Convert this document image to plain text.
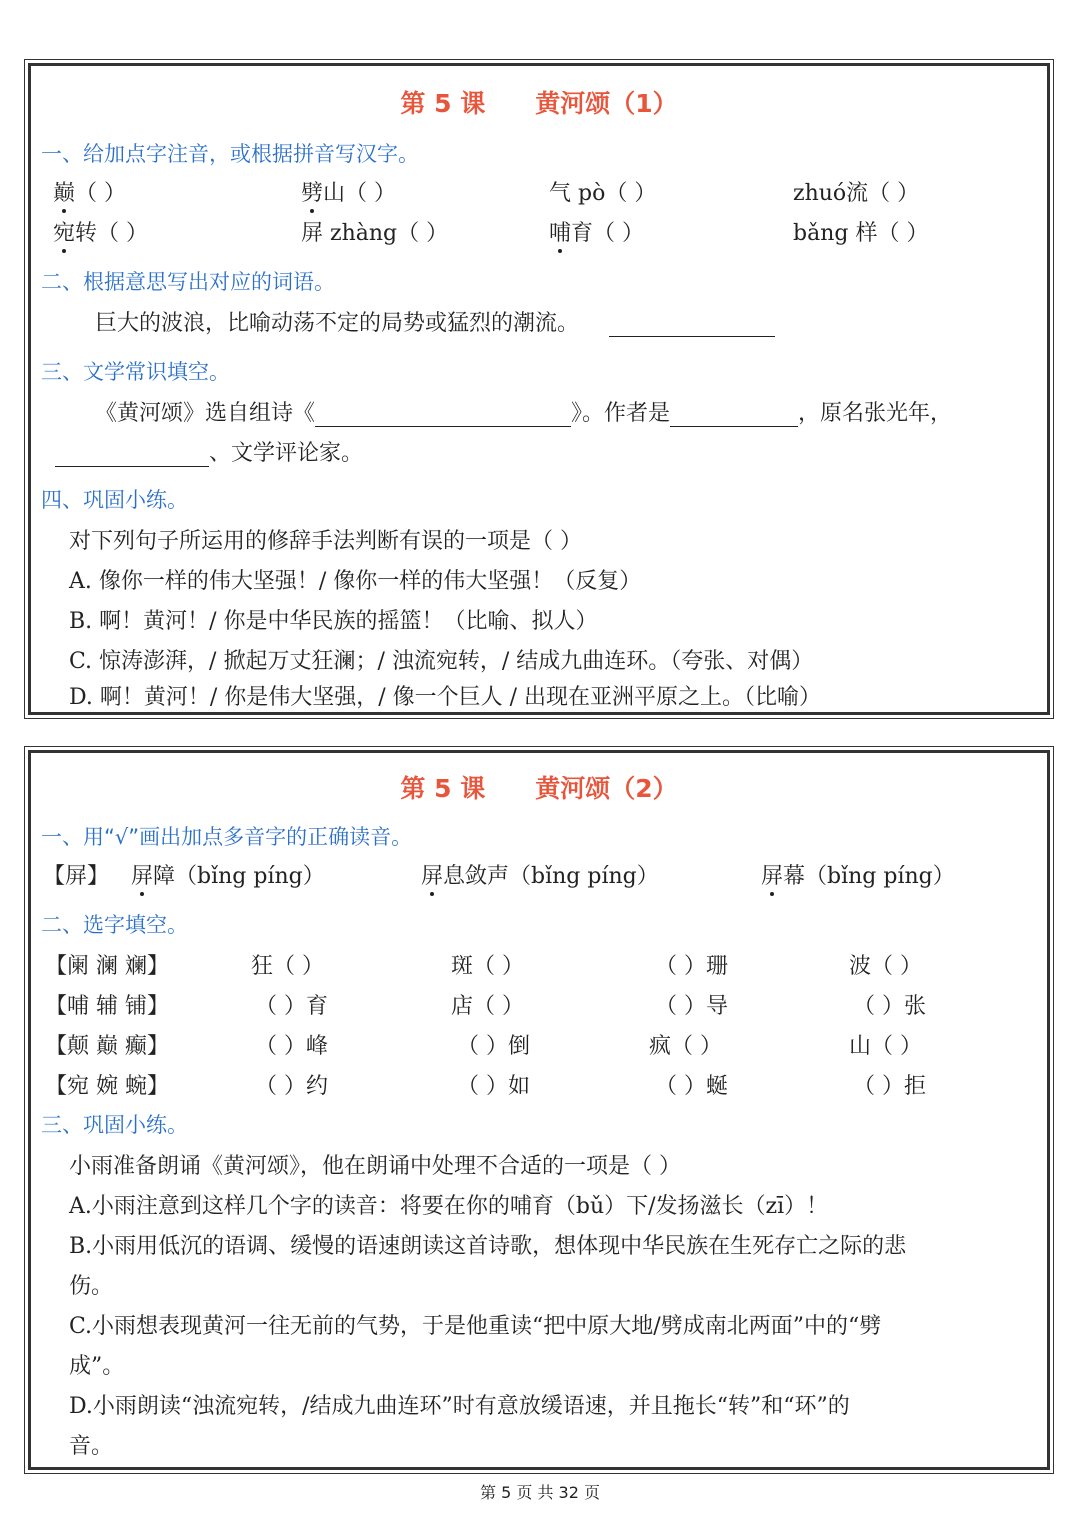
第 5 课 黄河颂（1）
一、给加点字注音，或根据拼音写汉字。
巅（ ）	劈山（ ）	气 pò（ ）	zhuó流（ ）
宛转（ ）	屏 zhàng（ ）	哺育（ ）	bǎng 样（ ）
二、根据意思写出对应的词语。
巨大的波浪，比喻动荡不定的局势或猛烈的潮流。
三、文学常识填空。
《黄河颂》选自组诗《	》。作者是	，原名张光年，
、文学评论家。
四、巩固小练。
对下列句子所运用的修辞手法判断有误的一项是（ ）
A. 像你一样的伟大坚强！/ 像你一样的伟大坚强！（反复）
B. 啊！黄河！/ 你是中华民族的摇篮！（比喻、拟人）
C. 惊涛澎湃，/ 掀起万丈狂澜；/ 浊流宛转，/ 结成九曲连环。（夸张、对偶）
D. 啊！黄河！/ 你是伟大坚强，/ 像一个巨人 / 出现在亚洲平原之上。（比喻）
第 5 课 黄河颂（2）
一、用“√”画出加点多音字的正确读音。
【屏】 屏障（bǐng píng）	屏息敛声（bǐng píng）	屏幕（bǐng píng）
二、选字填空。
【阑 澜 斓】	狂（ ）	斑（ ）	（ ）珊	波（ ）
【哺 辅 铺】	（ ）育	店（ ）	（ ）导	（ ）张
【颠 巅 癫】	（ ）峰	（ ）倒	疯（ ）	山（ ）
【宛 婉 蜿】	（ ）约	（ ）如	（ ）蜒	（ ）拒
三、巩固小练。
小雨准备朗诵《黄河颂》，他在朗诵中处理不合适的一项是（ ）
A.小雨注意到这样几个字的读音：将要在你的哺育（bǔ）下/发扬滋长（zī）！
B.小雨用低沉的语调、缓慢的语速朗读这首诗歌，想体现中华民族在生死存亡之际的悲
伤。
C.小雨想表现黄河一往无前的气势，于是他重读“把中原大地/劈成南北两面”中的“劈
成”。
D.小雨朗读“浊流宛转，/结成九曲连环”时有意放缓语速，并且拖长“转”和“环”的
音。
第 5 页 共 32 页
